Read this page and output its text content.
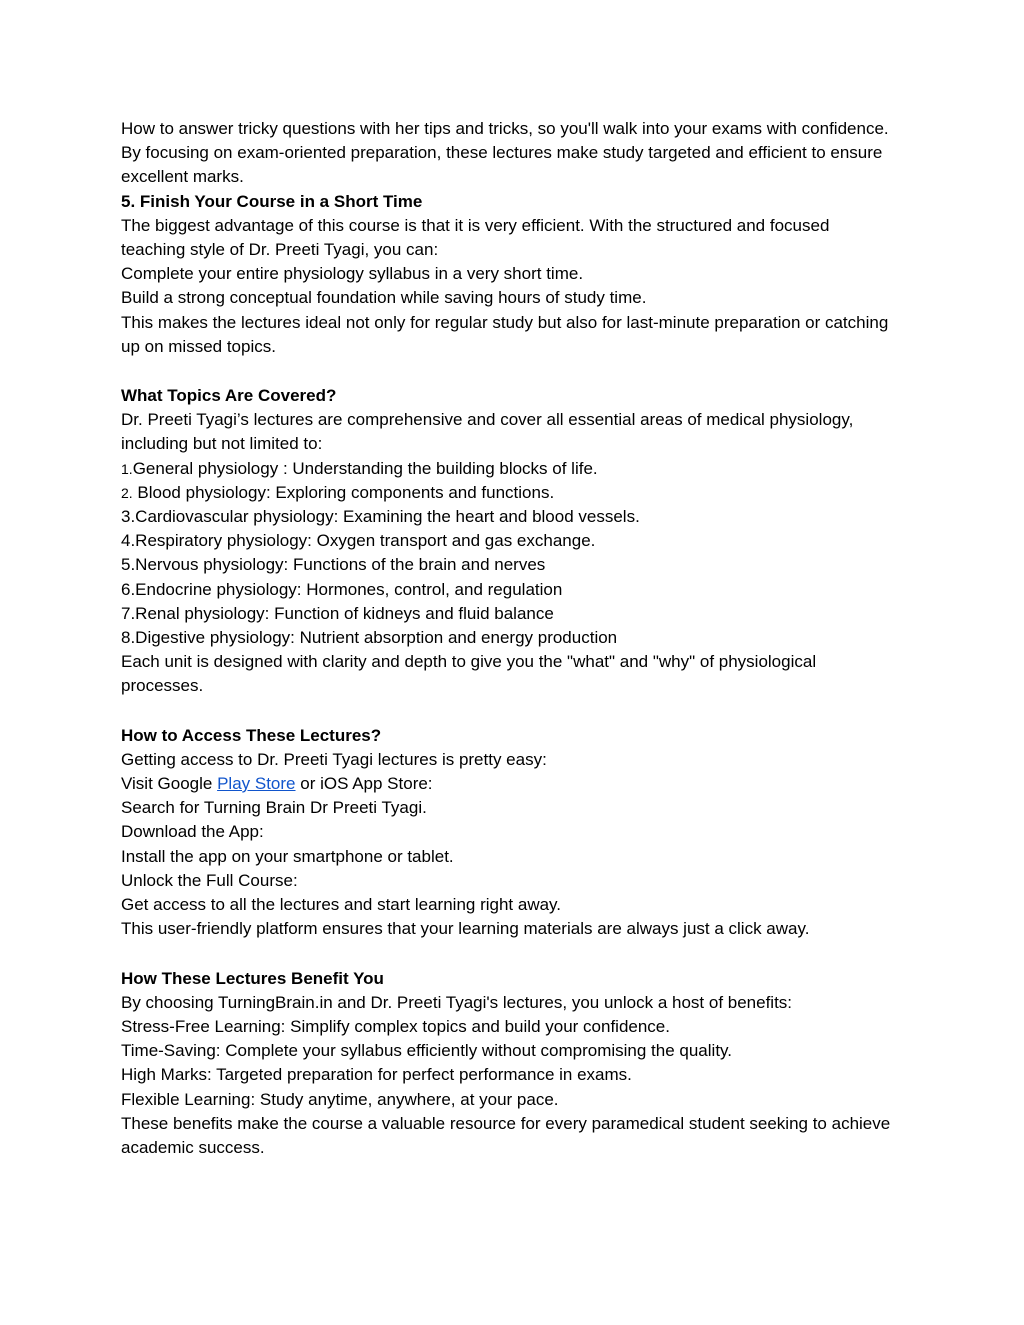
How to answer tricky questions with her tips and tricks, so you'll walk into your exams with confidence.
By focusing on exam-oriented preparation, these lectures make study targeted and efficient to ensure excellent marks.
5. Finish Your Course in a Short Time
The biggest advantage of this course is that it is very efficient. With the structured and focused teaching style of Dr. Preeti Tyagi, you can:
Complete your entire physiology syllabus in a very short time.
Build a strong conceptual foundation while saving hours of study time.
This makes the lectures ideal not only for regular study but also for last-minute preparation or catching up on missed topics.
What Topics Are Covered?
Dr. Preeti Tyagi’s lectures are comprehensive and cover all essential areas of medical physiology, including but not limited to:
1.General physiology : Understanding the building blocks of life.
2. Blood physiology: Exploring components and functions.
3.Cardiovascular physiology: Examining the heart and blood vessels.
4.Respiratory physiology: Oxygen transport and gas exchange.
5.Nervous physiology: Functions of the brain and nerves
6.Endocrine physiology: Hormones, control, and regulation
7.Renal physiology: Function of kidneys and fluid balance
8.Digestive physiology: Nutrient absorption and energy production
Each unit is designed with clarity and depth to give you the "what" and "why" of physiological processes.
How to Access These Lectures?
Getting access to Dr. Preeti Tyagi lectures is pretty easy:
Visit Google Play Store or iOS App Store:
Search for Turning Brain Dr Preeti Tyagi.
Download the App:
Install the app on your smartphone or tablet.
Unlock the Full Course:
Get access to all the lectures and start learning right away.
This user-friendly platform ensures that your learning materials are always just a click away.
How These Lectures Benefit You
By choosing TurningBrain.in and Dr. Preeti Tyagi's lectures, you unlock a host of benefits:
Stress-Free Learning: Simplify complex topics and build your confidence.
Time-Saving: Complete your syllabus efficiently without compromising the quality.
High Marks: Targeted preparation for perfect performance in exams.
Flexible Learning: Study anytime, anywhere, at your pace.
These benefits make the course a valuable resource for every paramedical student seeking to achieve academic success.
